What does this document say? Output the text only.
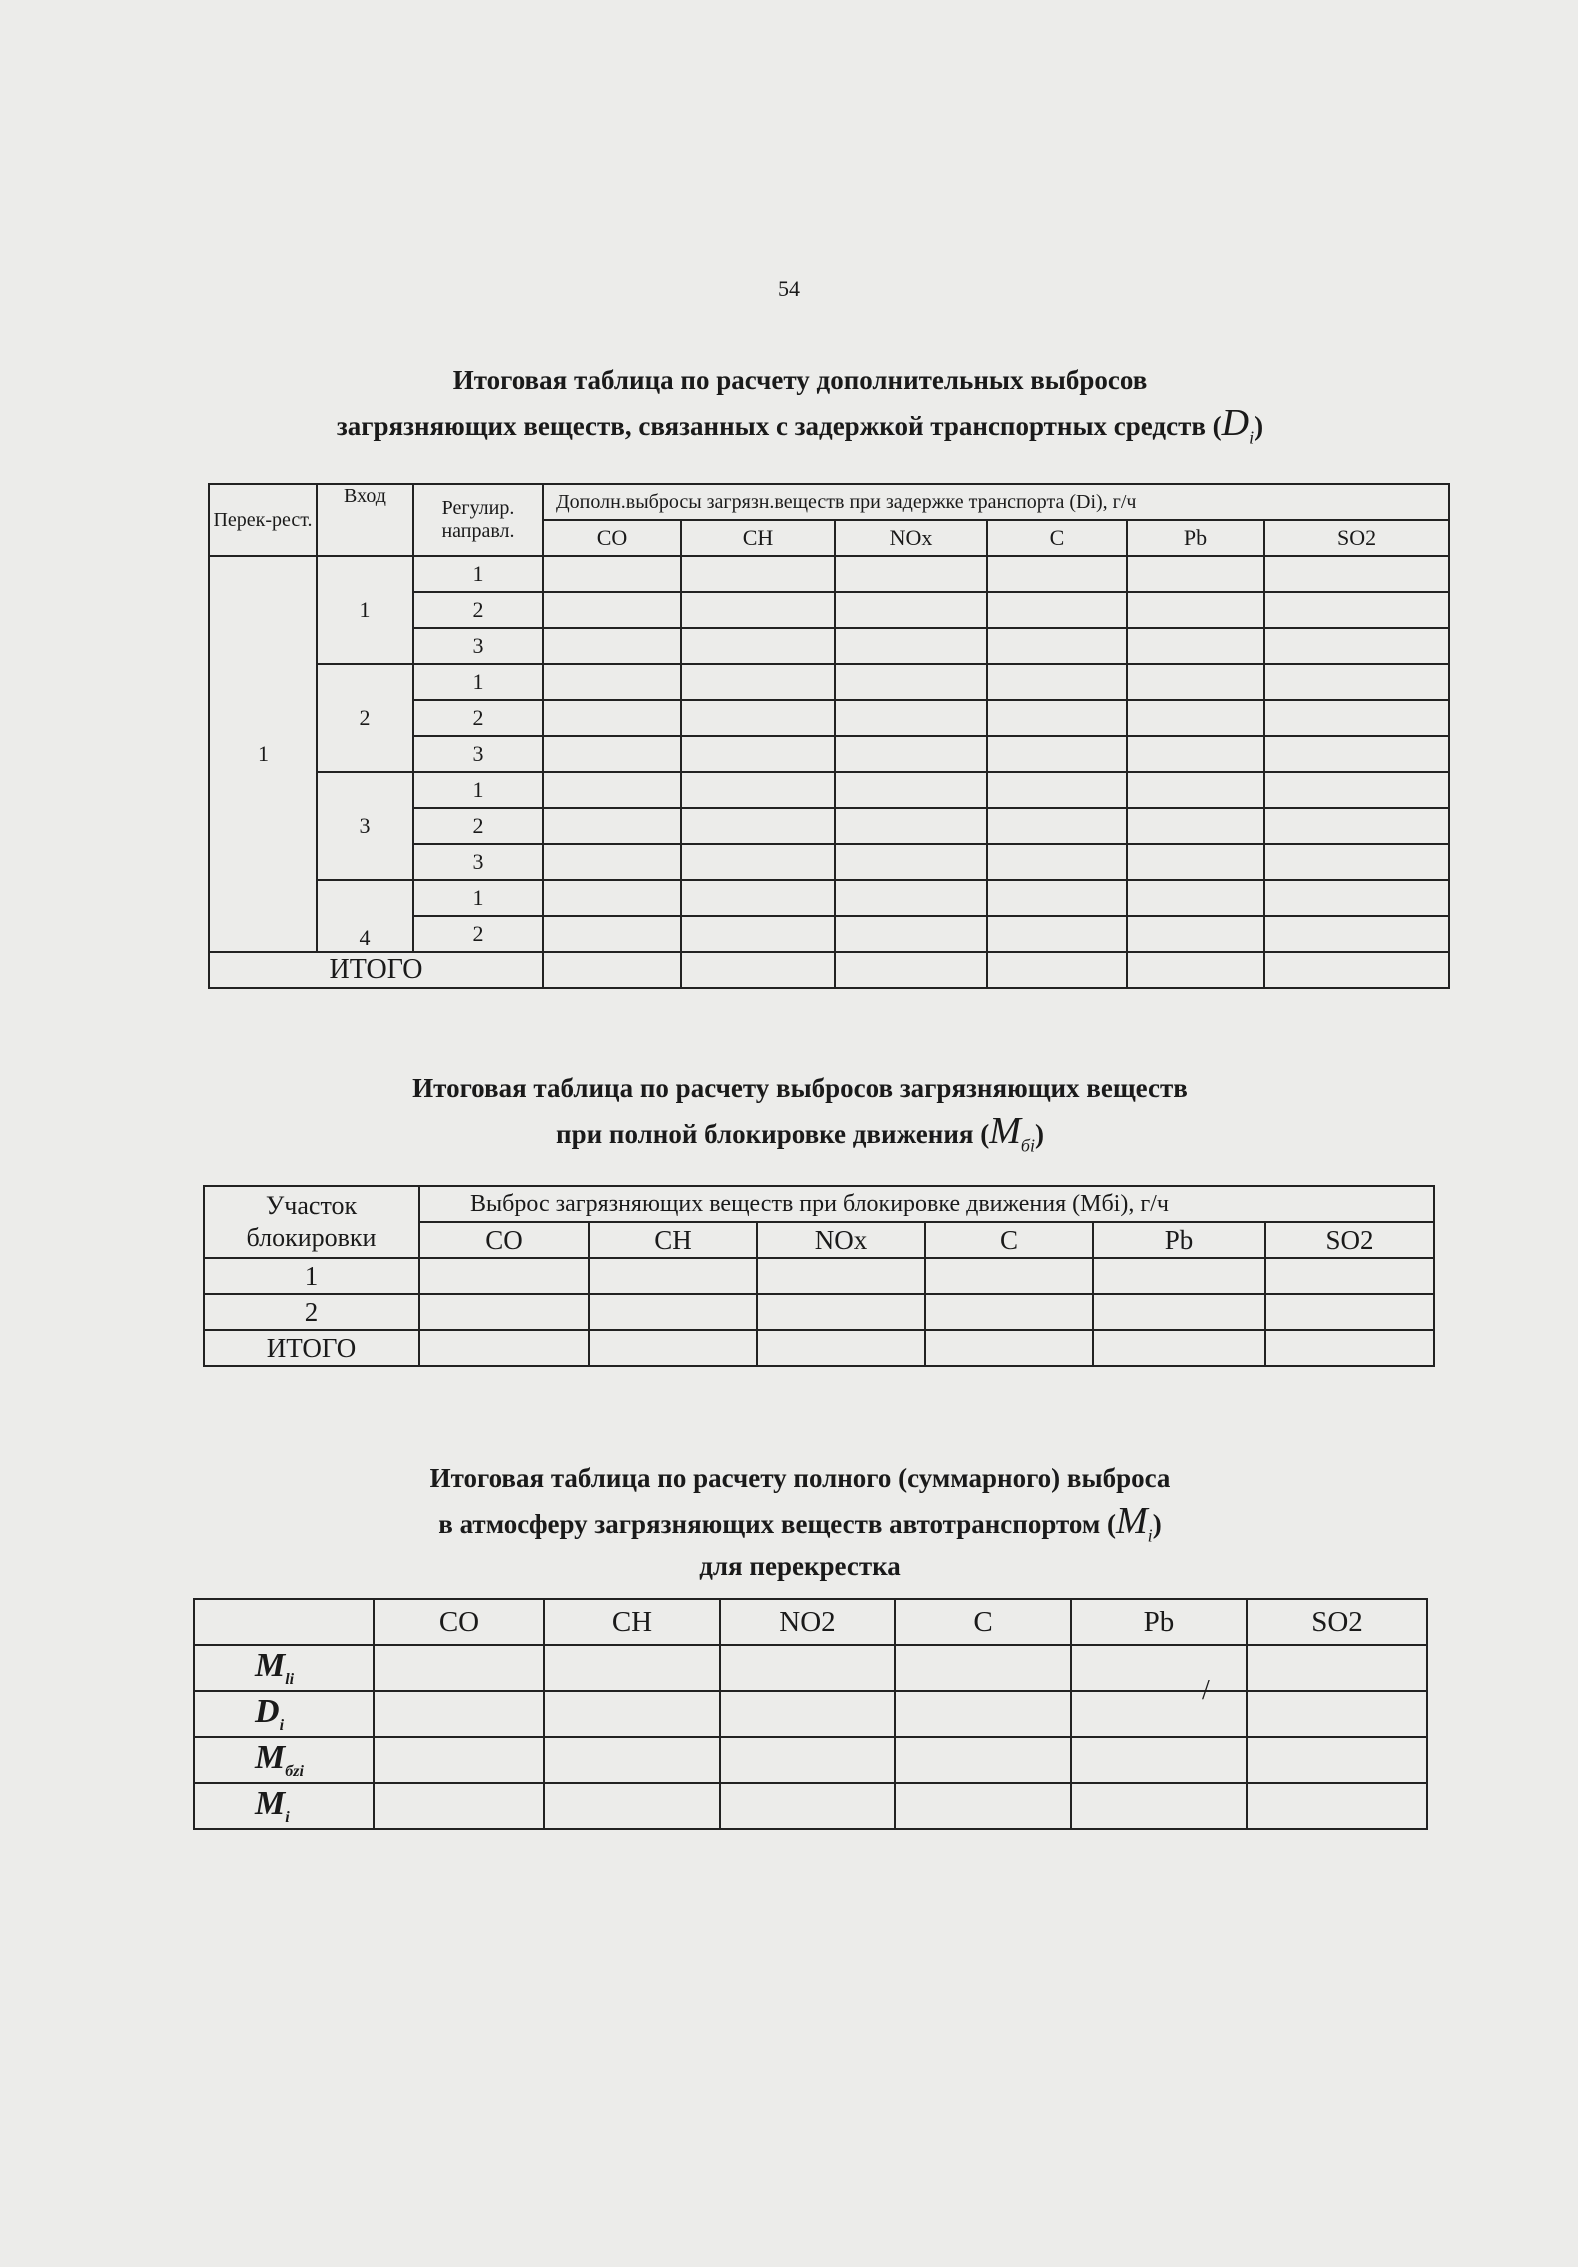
54
Итоговая таблица по расчету дополнительных выбросов
загрязняющих веществ, связанных с задержкой транспортных средств $(D_i)$
Перек-рест.	Вход	Регулир. направл.	Дополн.выбросы загрязн.веществ при задержке транспорта (Di), г/ч					
			CO	CH	NOx	C	Pb	SO2
1	1	1						
		2						
		3						
	2	1						
		2						
		3						
	3	1						
		2						
		3						
	4	1						
		2						
ИТОГО								
Итоговая таблица по расчету выбросов загрязняющих веществ
при полной блокировке движения $(M_{бi})$
Участок блокировки	Выброс загрязняющих веществ при блокировке движения (Mбi), г/ч					
	CO	CH	NOx	C	Pb	SO2
1						
2						
ИТОГО						
Итоговая таблица по расчету полного (суммарного) выброса
в атмосферу загрязняющих веществ автотранспортом $(M_i)$
для перекрестка
	CO	CH	NO2	C	Pb	SO2
$M_{li}$						
$D_i$						
$M_{бzi}$						
$M_i$						
/
